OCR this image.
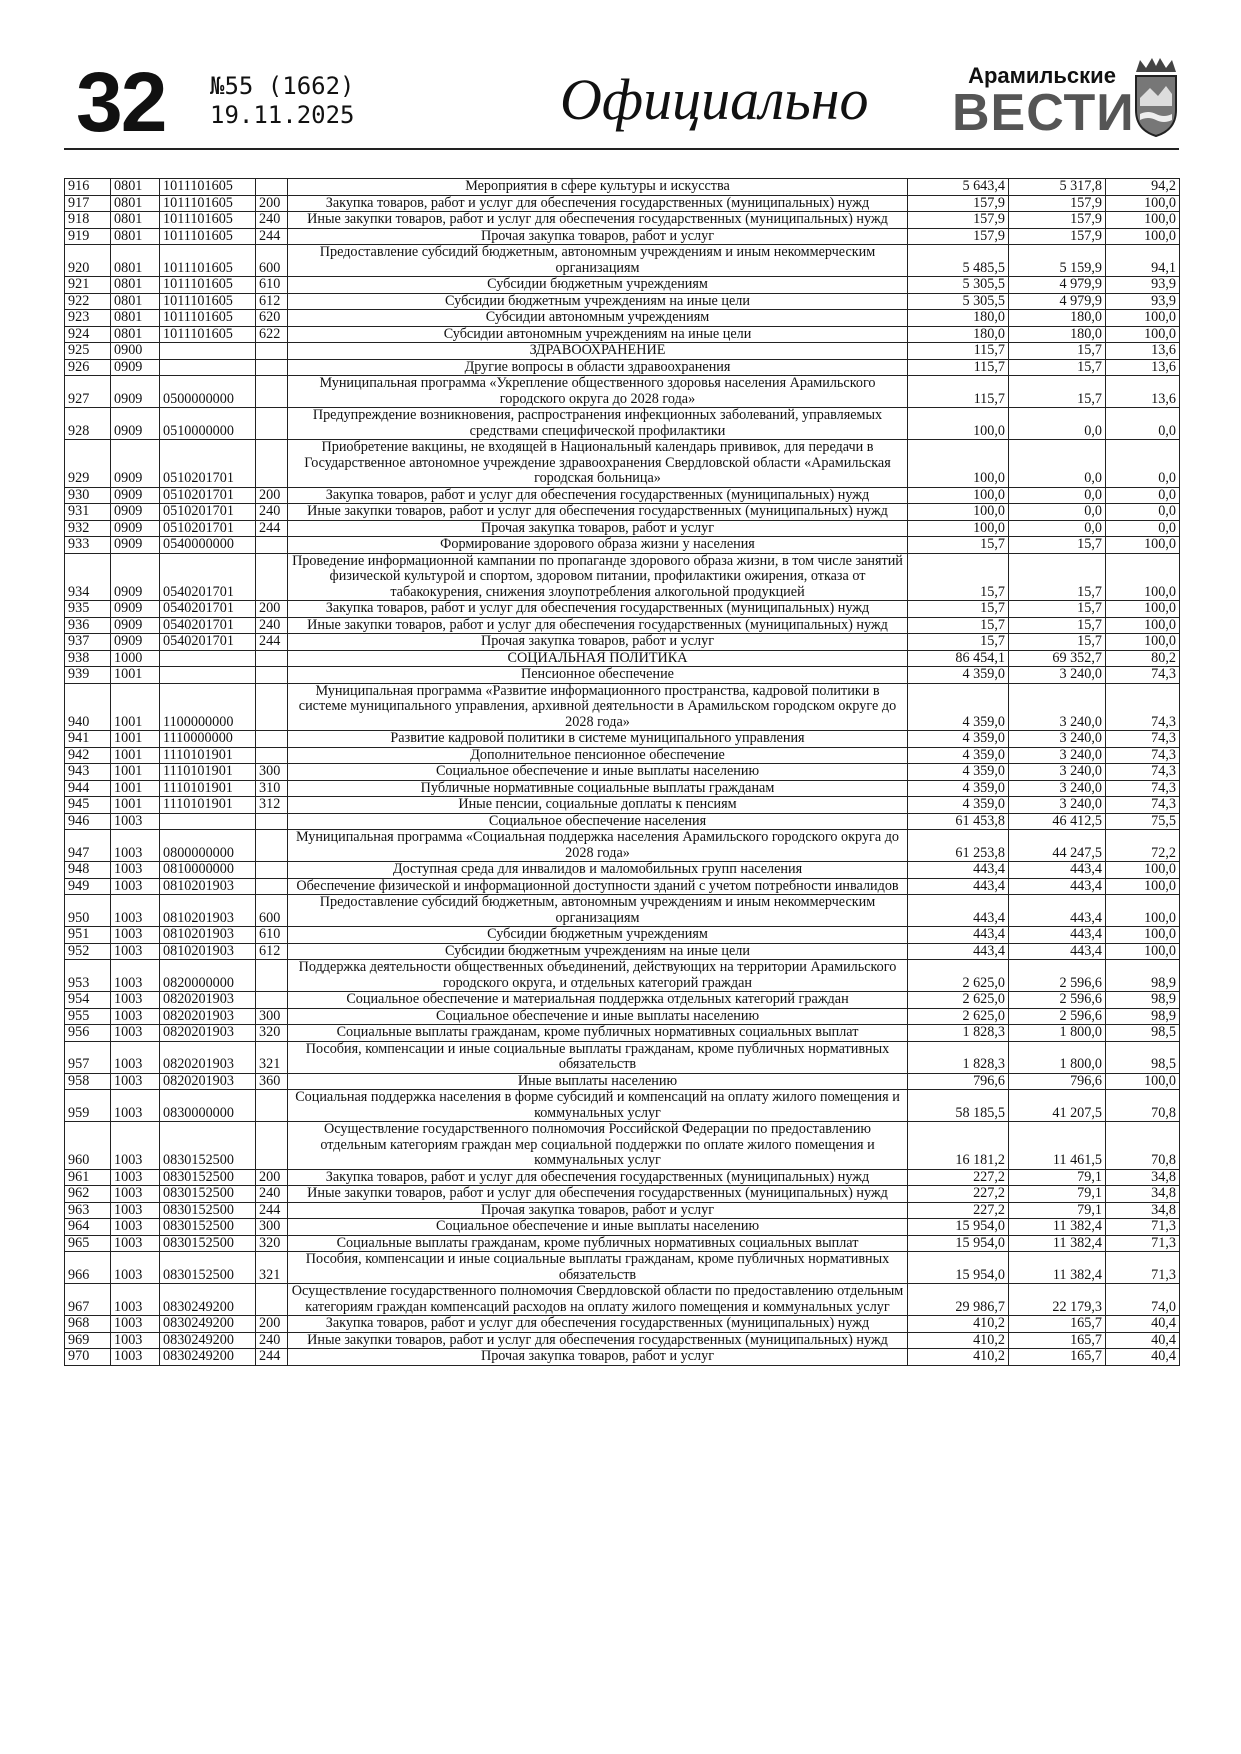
32 №55 (1662)
19.11.2025	Официально	Арамильские
ВЕСТИ
916	0801	1011101605		Мероприятия в сфере культуры и искусства	5 643,4	5 317,8	94,2
917	0801	1011101605	200	Закупка товаров, работ и услуг для обеспечения государственных (муниципальных) нужд	157,9	157,9	100,0
918	0801	1011101605	240	Иные закупки товаров, работ и услуг для обеспечения государственных (муниципальных) нужд	157,9	157,9	100,0
919	0801	1011101605	244	Прочая закупка товаров, работ и услуг	157,9	157,9	100,0
920	0801	1011101605	600	Предоставление субсидий бюджетным, автономным учреждениям и иным некоммерческим организациям	5 485,5	5 159,9	94,1
921	0801	1011101605	610	Субсидии бюджетным учреждениям	5 305,5	4 979,9	93,9
922	0801	1011101605	612	Субсидии бюджетным учреждениям на иные цели	5 305,5	4 979,9	93,9
923	0801	1011101605	620	Субсидии автономным учреждениям	180,0	180,0	100,0
924	0801	1011101605	622	Субсидии автономным учреждениям на иные цели	180,0	180,0	100,0
925	0900			ЗДРАВООХРАНЕНИЕ	115,7	15,7	13,6
926	0909			Другие вопросы в области здравоохранения	115,7	15,7	13,6
927	0909	0500000000		Муниципальная программа «Укрепление общественного здоровья населения Арамильского городского округа до 2028 года»	115,7	15,7	13,6
928	0909	0510000000		Предупреждение возникновения, распространения инфекционных заболеваний, управляемых средствами специфической профилактики	100,0	0,0	0,0
929	0909	0510201701		Приобретение вакцины, не входящей в Национальный календарь прививок, для передачи в Государственное автономное учреждение здравоохранения Свердловской области «Арамильская городская больница»	100,0	0,0	0,0
930	0909	0510201701	200	Закупка товаров, работ и услуг для обеспечения государственных (муниципальных) нужд	100,0	0,0	0,0
931	0909	0510201701	240	Иные закупки товаров, работ и услуг для обеспечения государственных (муниципальных) нужд	100,0	0,0	0,0
932	0909	0510201701	244	Прочая закупка товаров, работ и услуг	100,0	0,0	0,0
933	0909	0540000000		Формирование здорового образа жизни у населения	15,7	15,7	100,0
934	0909	0540201701		Проведение информационной кампании по пропаганде здорового образа жизни, в том числе занятий физической культурой и спортом, здоровом питании, профилактики ожирения, отказа от табакокурения, снижения злоупотребления алкогольной продукцией	15,7	15,7	100,0
935	0909	0540201701	200	Закупка товаров, работ и услуг для обеспечения государственных (муниципальных) нужд	15,7	15,7	100,0
936	0909	0540201701	240	Иные закупки товаров, работ и услуг для обеспечения государственных (муниципальных) нужд	15,7	15,7	100,0
937	0909	0540201701	244	Прочая закупка товаров, работ и услуг	15,7	15,7	100,0
938	1000			СОЦИАЛЬНАЯ ПОЛИТИКА	86 454,1	69 352,7	80,2
939	1001			Пенсионное обеспечение	4 359,0	3 240,0	74,3
940	1001	1100000000		Муниципальная программа «Развитие информационного пространства, кадровой политики в системе муниципального управления, архивной деятельности в Арамильском городском округе до 2028 года»	4 359,0	3 240,0	74,3
941	1001	1110000000		Развитие кадровой политики в системе муниципального управления	4 359,0	3 240,0	74,3
942	1001	1110101901		Дополнительное пенсионное обеспечение	4 359,0	3 240,0	74,3
943	1001	1110101901	300	Социальное обеспечение и иные выплаты населению	4 359,0	3 240,0	74,3
944	1001	1110101901	310	Публичные нормативные социальные выплаты гражданам	4 359,0	3 240,0	74,3
945	1001	1110101901	312	Иные пенсии, социальные доплаты к пенсиям	4 359,0	3 240,0	74,3
946	1003			Социальное обеспечение населения	61 453,8	46 412,5	75,5
947	1003	0800000000		Муниципальная программа «Социальная поддержка населения Арамильского городского округа до 2028 года»	61 253,8	44 247,5	72,2
948	1003	0810000000		Доступная среда для инвалидов и маломобильных групп населения	443,4	443,4	100,0
949	1003	0810201903		Обеспечение физической и информационной доступности зданий с учетом потребности инвалидов	443,4	443,4	100,0
950	1003	0810201903	600	Предоставление субсидий бюджетным, автономным учреждениям и иным некоммерческим организациям	443,4	443,4	100,0
951	1003	0810201903	610	Субсидии бюджетным учреждениям	443,4	443,4	100,0
952	1003	0810201903	612	Субсидии бюджетным учреждениям на иные цели	443,4	443,4	100,0
953	1003	0820000000		Поддержка деятельности общественных объединений, действующих на территории Арамильского городского округа, и отдельных категорий граждан	2 625,0	2 596,6	98,9
954	1003	0820201903		Социальное обеспечение и материальная поддержка отдельных категорий граждан	2 625,0	2 596,6	98,9
955	1003	0820201903	300	Социальное обеспечение и иные выплаты населению	2 625,0	2 596,6	98,9
956	1003	0820201903	320	Социальные выплаты гражданам, кроме публичных нормативных социальных выплат	1 828,3	1 800,0	98,5
957	1003	0820201903	321	Пособия, компенсации и иные социальные выплаты гражданам, кроме публичных нормативных обязательств	1 828,3	1 800,0	98,5
958	1003	0820201903	360	Иные выплаты населению	796,6	796,6	100,0
959	1003	0830000000		Социальная поддержка населения в форме субсидий и компенсаций на оплату жилого помещения и коммунальных услуг	58 185,5	41 207,5	70,8
960	1003	0830152500		Осуществление государственного полномочия Российской Федерации по предоставлению отдельным категориям граждан мер социальной поддержки по оплате жилого помещения и коммунальных услуг	16 181,2	11 461,5	70,8
961	1003	0830152500	200	Закупка товаров, работ и услуг для обеспечения государственных (муниципальных) нужд	227,2	79,1	34,8
962	1003	0830152500	240	Иные закупки товаров, работ и услуг для обеспечения государственных (муниципальных) нужд	227,2	79,1	34,8
963	1003	0830152500	244	Прочая закупка товаров, работ и услуг	227,2	79,1	34,8
964	1003	0830152500	300	Социальное обеспечение и иные выплаты населению	15 954,0	11 382,4	71,3
965	1003	0830152500	320	Социальные выплаты гражданам, кроме публичных нормативных социальных выплат	15 954,0	11 382,4	71,3
966	1003	0830152500	321	Пособия, компенсации и иные социальные выплаты гражданам, кроме публичных нормативных обязательств	15 954,0	11 382,4	71,3
967	1003	0830249200		Осуществление государственного полномочия Свердловской области по предоставлению отдельным категориям граждан компенсаций расходов на оплату жилого помещения и коммунальных услуг	29 986,7	22 179,3	74,0
968	1003	0830249200	200	Закупка товаров, работ и услуг для обеспечения государственных (муниципальных) нужд	410,2	165,7	40,4
969	1003	0830249200	240	Иные закупки товаров, работ и услуг для обеспечения государственных (муниципальных) нужд	410,2	165,7	40,4
970	1003	0830249200	244	Прочая закупка товаров, работ и услуг	410,2	165,7	40,4
